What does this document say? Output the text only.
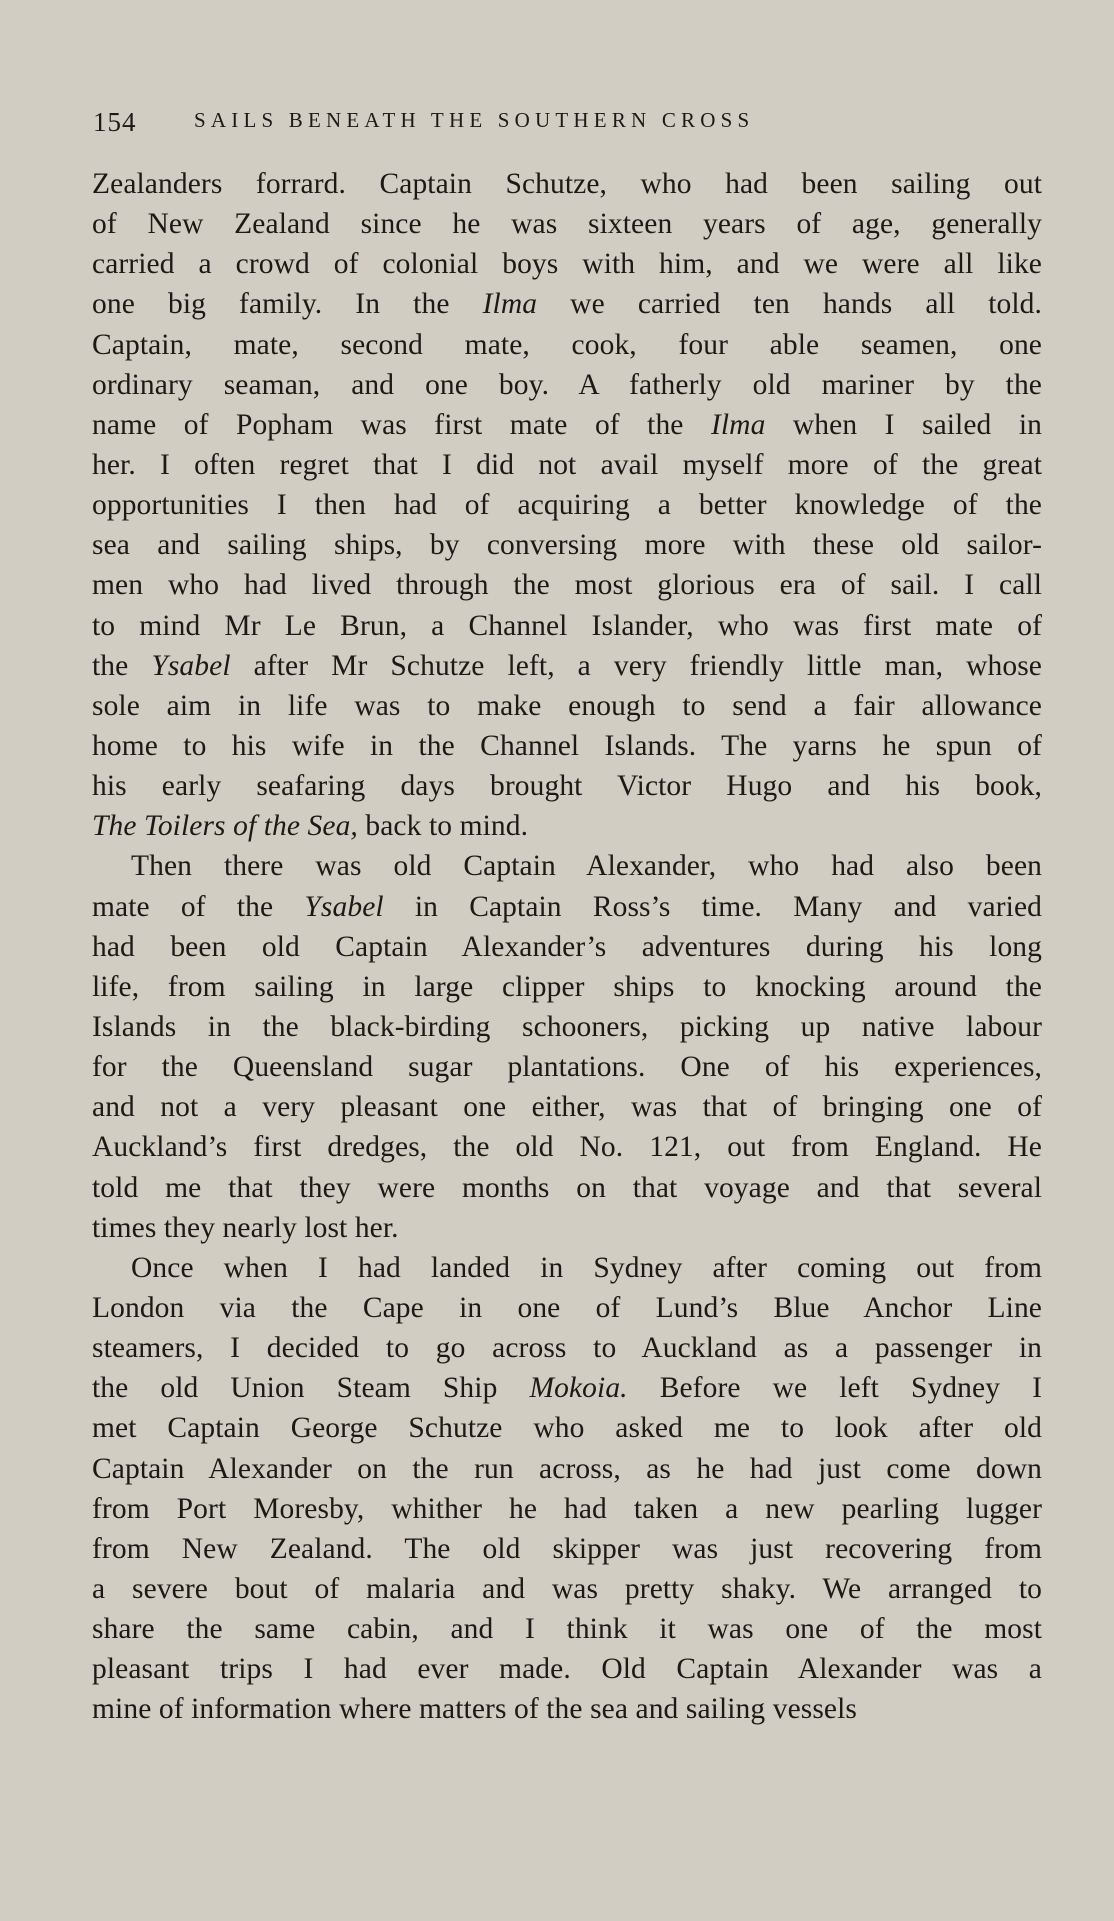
154	SAILS BENEATH THE SOUTHERN CROSS
Zealanders forrard. Captain Schutze, who had been sailing out
of New Zealand since he was sixteen years of age, generally
carried a crowd of colonial boys with him, and we were all like
one big family. In the Ilma we carried ten hands all told.
Captain, mate, second mate, cook, four able seamen, one
ordinary seaman, and one boy. A fatherly old mariner by the
name of Popham was first mate of the Ilma when I sailed in
her. I often regret that I did not avail myself more of the great
opportunities I then had of acquiring a better knowledge of the
sea and sailing ships, by conversing more with these old sailor-
men who had lived through the most glorious era of sail. I call
to mind Mr Le Brun, a Channel Islander, who was first mate of
the Ysabel after Mr Schutze left, a very friendly little man, whose
sole aim in life was to make enough to send a fair allowance
home to his wife in the Channel Islands. The yarns he spun of
his early seafaring days brought Victor Hugo and his book,
The Toilers of the Sea, back to mind.
Then there was old Captain Alexander, who had also been
mate of the Ysabel in Captain Ross’s time. Many and varied
had been old Captain Alexander’s adventures during his long
life, from sailing in large clipper ships to knocking around the
Islands in the black-birding schooners, picking up native labour
for the Queensland sugar plantations. One of his experiences,
and not a very pleasant one either, was that of bringing one of
Auckland’s first dredges, the old No. 121, out from England. He
told me that they were months on that voyage and that several
times they nearly lost her.
Once when I had landed in Sydney after coming out from
London via the Cape in one of Lund’s Blue Anchor Line
steamers, I decided to go across to Auckland as a passenger in
the old Union Steam Ship Mokoia. Before we left Sydney I
met Captain George Schutze who asked me to look after old
Captain Alexander on the run across, as he had just come down
from Port Moresby, whither he had taken a new pearling lugger
from New Zealand. The old skipper was just recovering from
a severe bout of malaria and was pretty shaky. We arranged to
share the same cabin, and I think it was one of the most
pleasant trips I had ever made. Old Captain Alexander was a
mine of information where matters of the sea and sailing vessels
